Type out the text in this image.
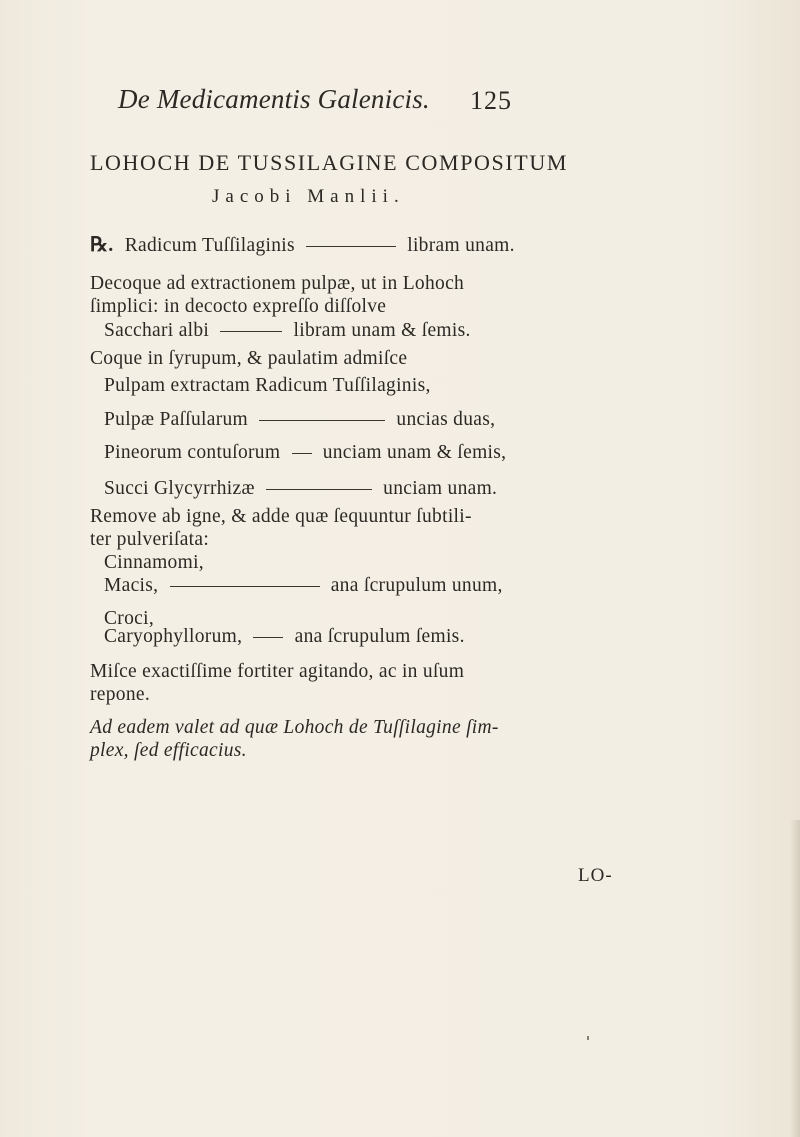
De Medicamentis Galenicis. 125
LOHOCH DE TUSSILAGINE COMPOSITUM
Jacobi Manlii.
℞. Radicum Tuſſilaginis	libram unam.
Decoque ad extractionem pulpæ, ut in Lohoch
ſimplici: in decocto expreſſo diſſolve
Sacchari albi	libram unam & ſemis.
Coque in ſyrupum, & paulatim admiſce
Pulpam extractam Radicum Tuſſilaginis,
Pulpæ Paſſularum	uncias duas,
Pineorum contuſorum unciam unam & ſemis,
Succi Glycyrrhizæ	unciam unam.
Remove ab igne, & adde quæ ſequuntur ſubtili-
ter pulveriſata:
Cinnamomi,
Macis,	ana ſcrupulum unum,
Croci,
Caryophyllorum,	ana ſcrupulum ſemis.
Miſce exactiſſime fortiter agitando, ac in uſum
repone.
Ad eadem valet ad quæ Lohoch de Tuſſilagine ſim-
plex, ſed efficacius.
LO-
